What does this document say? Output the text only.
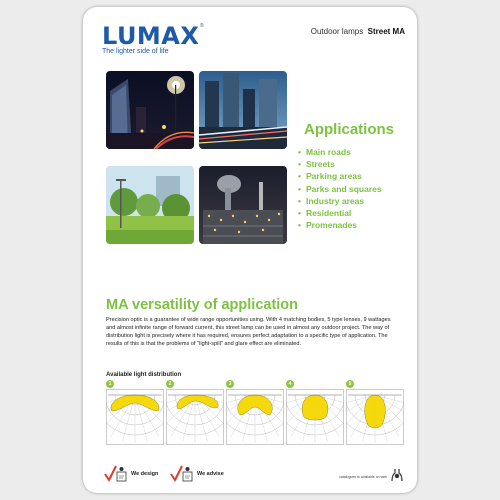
LUMAX ®
The lighter side of life
Outdoor lamps Street MA
Applications
• Main roads
• Streets
• Parking areas
• Parks and squares
• Industry areas
• Residential
• Promenades
MA versatility of application

Precision optic is a guarantee of wide range opportunities using. With 4 matching bodies, 5 type lenses, 9 wattages and almost infinite range of forward current, this street lamp can be used in almost any outdoor project. The way of distribution light is precisely where it has required, ensures perfect adaptation to a specific type of application. The results of this is that the problems of "light-spill" and glare effect are eliminated.

Available light distribution
1	2	3	4	5
We design	We advise	catalogues to available on web
